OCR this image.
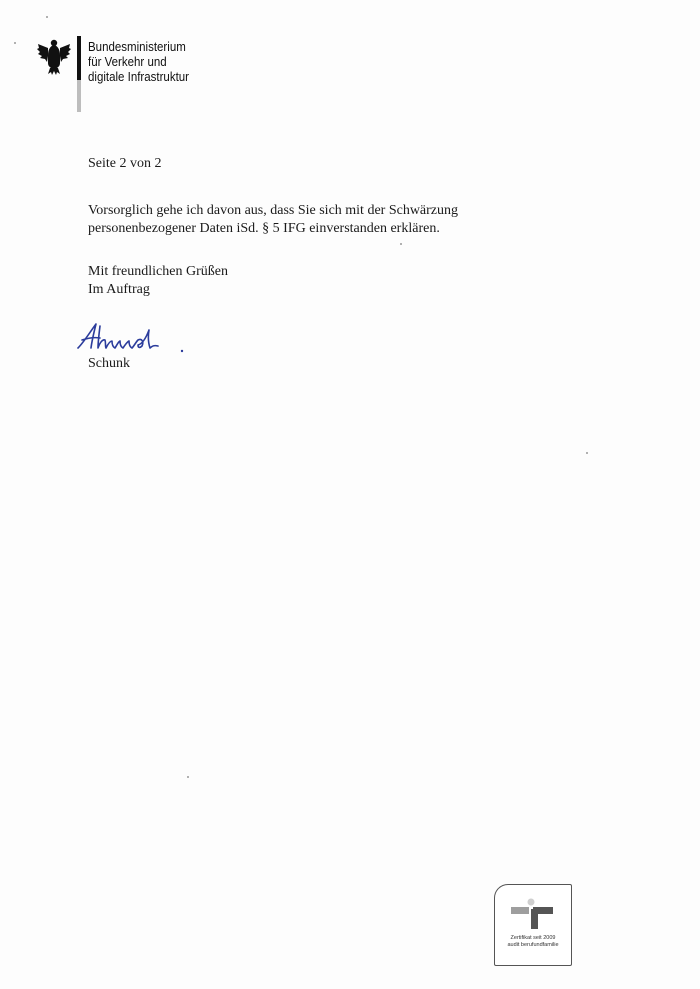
Bundesministerium
für Verkehr und
digitale Infrastruktur
Seite 2 von 2
Vorsorglich gehe ich davon aus, dass Sie sich mit der Schwärzung
personenbezogener Daten iSd. § 5 IFG einverstanden erklären.
Mit freundlichen Grüßen
Im Auftrag
Schunk
Zertifikat seit 2009
audit berufundfamilie
